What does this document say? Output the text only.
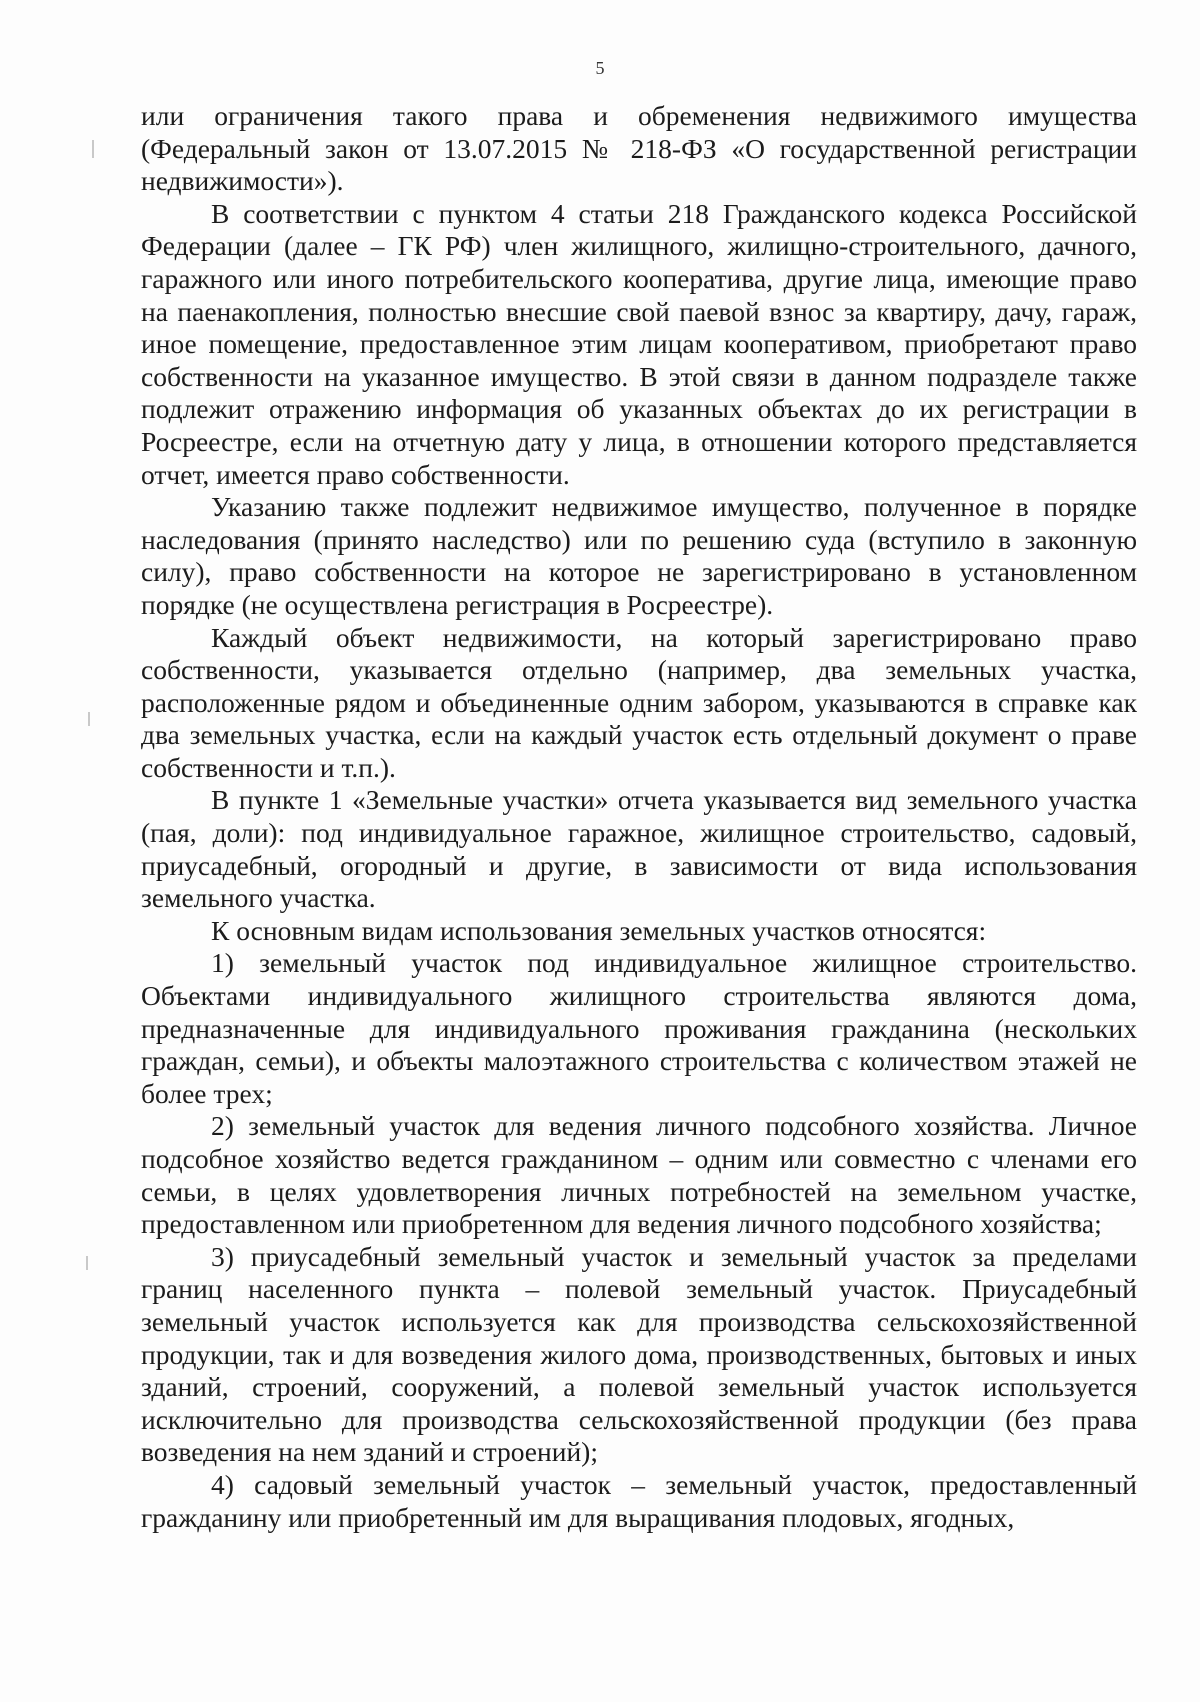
5

или ограничения такого права и обременения недвижимого имущества (Федеральный закон от 13.07.2015 № 218-ФЗ «О государственной регистрации недвижимости»).

В соответствии с пунктом 4 статьи 218 Гражданского кодекса Российской Федерации (далее – ГК РФ) член жилищного, жилищно-строительного, дачного, гаражного или иного потребительского кооператива, другие лица, имеющие право на паенакопления, полностью внесшие свой паевой взнос за квартиру, дачу, гараж, иное помещение, предоставленное этим лицам кооперативом, приобретают право собственности на указанное имущество. В этой связи в данном подразделе также подлежит отражению информация об указанных объектах до их регистрации в Росреестре, если на отчетную дату у лица, в отношении которого представляется отчет, имеется право собственности.

Указанию также подлежит недвижимое имущество, полученное в порядке наследования (принято наследство) или по решению суда (вступило в законную силу), право собственности на которое не зарегистрировано в установленном порядке (не осуществлена регистрация в Росреестре).

Каждый объект недвижимости, на который зарегистрировано право собственности, указывается отдельно (например, два земельных участка, расположенные рядом и объединенные одним забором, указываются в справке как два земельных участка, если на каждый участок есть отдельный документ о праве собственности и т.п.).

В пункте 1 «Земельные участки» отчета указывается вид земельного участка (пая, доли): под индивидуальное гаражное, жилищное строительство, садовый, приусадебный, огородный и другие, в зависимости от вида использования земельного участка.

К основным видам использования земельных участков относятся:

1) земельный участок под индивидуальное жилищное строительство. Объектами индивидуального жилищного строительства являются дома, предназначенные для индивидуального проживания гражданина (нескольких граждан, семьи), и объекты малоэтажного строительства с количеством этажей не более трех;

2) земельный участок для ведения личного подсобного хозяйства. Личное подсобное хозяйство ведется гражданином – одним или совместно с членами его семьи, в целях удовлетворения личных потребностей на земельном участке, предоставленном или приобретенном для ведения личного подсобного хозяйства;

3) приусадебный земельный участок и земельный участок за пределами границ населенного пункта – полевой земельный участок. Приусадебный земельный участок используется как для производства сельскохозяйственной продукции, так и для возведения жилого дома, производственных, бытовых и иных зданий, строений, сооружений, а полевой земельный участок используется исключительно для производства сельскохозяйственной продукции (без права возведения на нем зданий и строений);

4) садовый земельный участок – земельный участок, предоставленный гражданину или приобретенный им для выращивания плодовых, ягодных,
